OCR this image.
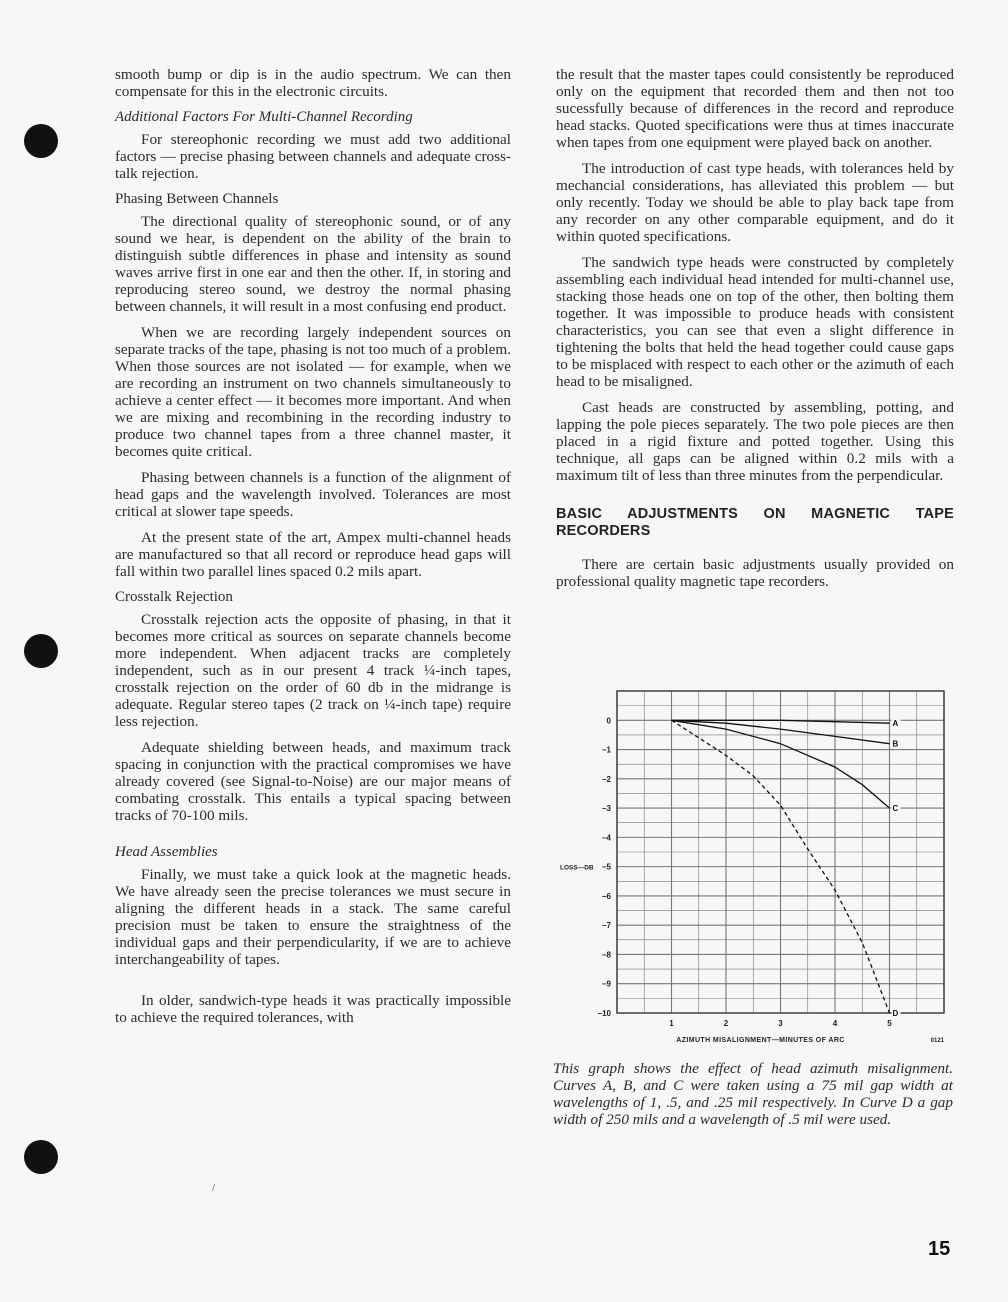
smooth bump or dip is in the audio spectrum. We can then compensate for this in the electronic circuits.

Additional Factors For Multi-Channel Recording

For stereophonic recording we must add two additional factors — precise phasing between channels and adequate cross-talk rejection.

Phasing Between Channels

The directional quality of stereophonic sound, or of any sound we hear, is dependent on the ability of the brain to distinguish subtle differences in phase and intensity as sound waves arrive first in one ear and then the other. If, in storing and reproducing stereo sound, we destroy the normal phasing between channels, it will result in a most confusing end product.

When we are recording largely independent sources on separate tracks of the tape, phasing is not too much of a problem. When those sources are not isolated — for example, when we are recording an instrument on two channels simultaneously to achieve a center effect — it becomes more important. And when we are mixing and recombining in the recording industry to produce two channel tapes from a three channel master, it becomes quite critical.

Phasing between channels is a function of the alignment of head gaps and the wavelength involved. Tolerances are most critical at slower tape speeds.

At the present state of the art, Ampex multi-channel heads are manufactured so that all record or reproduce head gaps will fall within two parallel lines spaced 0.2 mils apart.

Crosstalk Rejection

Crosstalk rejection acts the opposite of phasing, in that it becomes more critical as sources on separate channels become more independent. When adjacent tracks are completely independent, such as in our present 4 track ¼-inch tapes, crosstalk rejection on the order of 60 db in the midrange is adequate. Regular stereo tapes (2 track on ¼-inch tape) require less rejection.

Adequate shielding between heads, and maximum track spacing in conjunction with the practical compromises we have already covered (see Signal-to-Noise) are our major means of combating crosstalk. This entails a typical spacing between tracks of 70-100 mils.

Head Assemblies

Finally, we must take a quick look at the magnetic heads. We have already seen the precise tolerances we must secure in aligning the different heads in a stack. The same careful precision must be taken to ensure the straightness of the individual gaps and their perpendicularity, if we are to achieve interchangeability of tapes.

In older, sandwich-type heads it was practically impossible to achieve the required tolerances, with

the result that the master tapes could consistently be reproduced only on the equipment that recorded them and then not too sucessfully because of differences in the record and reproduce head stacks. Quoted specifications were thus at times inaccurate when tapes from one equipment were played back on another.

The introduction of cast type heads, with tolerances held by mechancial considerations, has alleviated this problem — but only recently. Today we should be able to play back tape from any recorder on any other comparable equipment, and do it within quoted specifications.

The sandwich type heads were constructed by completely assembling each individual head intended for multi-channel use, stacking those heads one on top of the other, then bolting them together. It was impossible to produce heads with consistent characteristics, you can see that even a slight difference in tightening the bolts that held the head together could cause gaps to be misplaced with respect to each other or the azimuth of each head to be misaligned.

Cast heads are constructed by assembling, potting, and lapping the pole pieces separately. The two pole pieces are then placed in a rigid fixture and potted together. Using this technique, all gaps can be aligned within 0.2 mils with a maximum tilt of less than three minutes from the perpendicular.

BASIC ADJUSTMENTS ON MAGNETIC TAPE RECORDERS

There are certain basic adjustments usually provided on professional quality magnetic tape recorders.

0
−1
−2
−3
−4
−5
−6
−7
−8
−9
−10
1	2	3	4	5
LOSS—DB
AZIMUTH MISALIGNMENT—MINUTES OF ARC	0121
A
B
C
D
This graph shows the effect of head azimuth misalignment. Curves A, B, and C were taken using a 75 mil gap width at wavelengths of 1, .5, and .25 mil respectively. In Curve D a gap width of 250 mils and a wavelength of .5 mil were used.
15
/
